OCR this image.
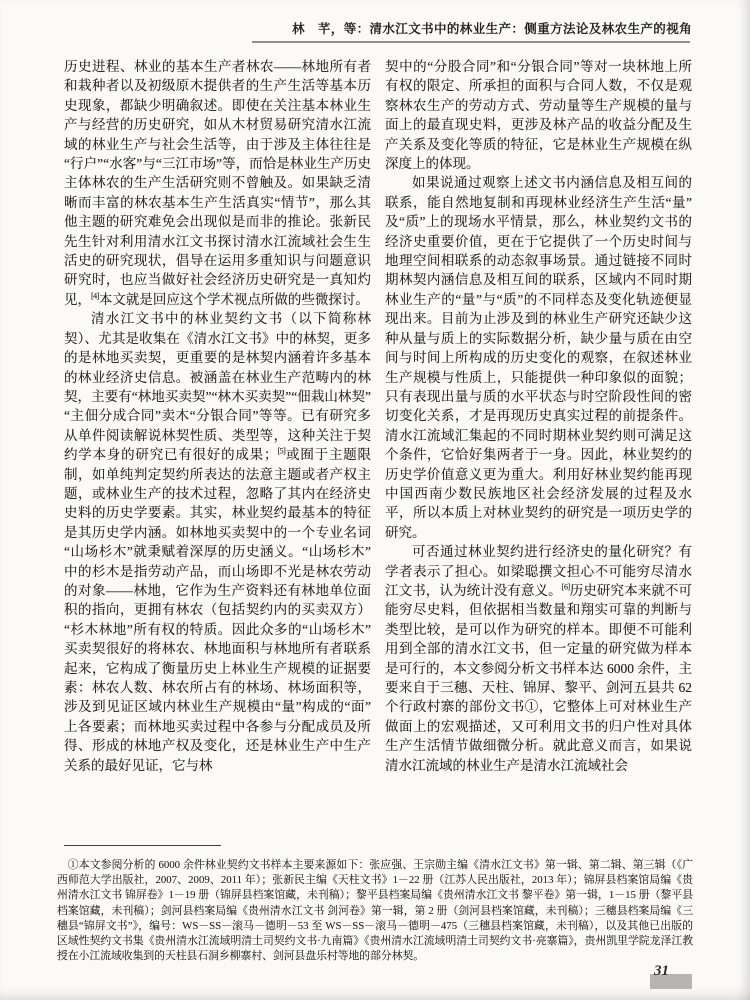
林　芊，等：清水江文书中的林业生产：侧重方法论及林农生产的视角

历史进程、林业的基本生产者林农——林地所有者和栽种者以及初级原木提供者的生产生活等基本历史现象，都缺少明确叙述。即使在关注基本林业生产与经营的历史研究，如从木材贸易研究清水江流域的林业生产与社会生活等，由于涉及主体往往是“行户”“水客”与“三江市场”等，而恰是林业生产历史主体林农的生产生活研究则不曾触及。如果缺乏清晰而丰富的林农基本生产生活真实“情节”，那么其他主题的研究难免会出现似是而非的推论。张新民先生针对利用清水江文书探讨清水江流域社会生生活史的研究现状，倡导在运用多重知识与问题意识研究时，也应当做好社会经济历史研究是一真知灼见，[4]本文就是回应这个学术视点所做的些微探讨。

清水江文书中的林业契约文书（以下简称林契）、尤其是收集在《清水江文书》中的林契，更多的是林地买卖契，更重要的是林契内涵着许多基本的林业经济史信息。被涵盖在林业生产范畴内的林契，主要有“林地买卖契”“林木买卖契”“佃栽山林契”“主佃分成合同”卖木“分银合同”等等。已有研究多从单件阅读解说林契性质、类型等，这种关注于契约学本身的研究已有很好的成果；[5]或囿于主题限制，如单纯判定契约所表达的法意主题或者产权主题，或林业生产的技术过程，忽略了其内在经济史史料的历史学要素。其实，林业契约最基本的特征是其历史学内涵。如林地买卖契中的一个专业名词“山场杉木”就秉赋着深厚的历史涵义。“山场杉木”中的杉木是指劳动产品，而山场即不光是林农劳动的对象——林地，它作为生产资料还有林地单位面积的指向，更拥有林农（包括契约内的买卖双方）“杉木林地”所有权的特质。因此众多的“山场杉木”买卖契很好的将林农、林地面积与林地所有者联系起来，它构成了衡量历史上林业生产规模的证据要素：林农人数、林农所占有的林场、林场面积等，涉及到见证区域内林业生产规模由“量”构成的“面”上各要素；而林地买卖过程中各参与分配成员及所得、形成的林地产权及变化，还是林业生产中生产关系的最好见证，它与林

契中的“分股合同”和“分银合同”等对一块林地上所有权的限定、所承担的面积与合同人数，不仅是观察林农生产的劳动方式、劳动量等生产规模的量与面上的最直现史料，更涉及林产品的收益分配及生产关系及变化等质的特征，它是林业生产规模在纵深度上的体现。

如果说通过观察上述文书内涵信息及相互间的联系，能自然地复制和再现林业经济生产生活“量”及“质”上的现场水平情景，那么，林业契约文书的经济史重要价值，更在于它提供了一个历史时间与地理空间相联系的动态叙事场景。通过链接不同时期林契内涵信息及相互间的联系，区域内不同时期林业生产的“量”与“质”的不同样态及变化轨迹便显现出来。目前为止涉及到的林业生产研究还缺少这种从量与质上的实际数据分析，缺少量与质在由空间与时间上所构成的历史变化的观察，在叙述林业生产规模与性质上，只能提供一种印象似的面貌；只有表现出量与质的水平状态与时空阶段性间的密切变化关系，才是再现历史真实过程的前提条件。清水江流域汇集起的不同时期林业契约则可满足这个条件，它恰好集两者于一身。因此，林业契约的历史学价值意义更为重大。利用好林业契约能再现中国西南少数民族地区社会经济发展的过程及水平，所以本质上对林业契约的研究是一项历史学的研究。

可否通过林业契约进行经济史的量化研究？有学者表示了担心。如梁聪撰文担心不可能穷尽清水江文书，认为统计没有意义。[6]历史研究本来就不可能穷尽史料，但依据相当数量和翔实可靠的判断与类型比较，是可以作为研究的样本。即便不可能利用到全部的清水江文书，但一定量的研究做为样本是可行的，本文参阅分析文书样本达 6000 余件，主要来自于三穗、天柱、锦屏、黎平、剑河五县共 62 个行政村寨的部份文书①，它整体上可对林业生产做面上的宏观描述，又可利用文书的归户性对具体生产生活情节做细微分析。就此意义而言，如果说清水江流域的林业生产是清水江流域社会

①本文参阅分析的 6000 余件林业契约文书样本主要来源如下：张应强、王宗勋主编《清水江文书》第一辑、第二辑、第三辑（《广西师范大学出版社，2007、2009、2011 年）；张新民主编《天柱文书》1－22 册（江苏人民出版社，2013 年）；锦屏县档案馆局编《贵州清水江文书 锦屏卷》1－19 册（锦屏县档案馆藏，未刊稿）；黎平县档案局编《贵州清水江文书 黎平卷》第一辑，1－15 册（黎平县档案馆藏，未刊稿）；剑河县档案局编《贵州清水江文书 剑河卷》第一辑，第 2 册（剑河县档案馆藏，未刊稿）；三穗县档案局编《三穗县“锦屏文书”》，编号：WS－SS－滚马－德明－53 至 WS－SS－滚马－德明－475（三穗县档案馆藏，未刊稿），以及其他已出版的区域性契约文书集《贵州清水江流域明清土司契约文书·九南篇》《贵州清水江流域明清土司契约文书·亮寨篇》，贵州凯里学院龙泽江教授在小江流域收集到的天柱县石洞乡柳寨村、剑河县盘乐村等地的部分林契。
31
